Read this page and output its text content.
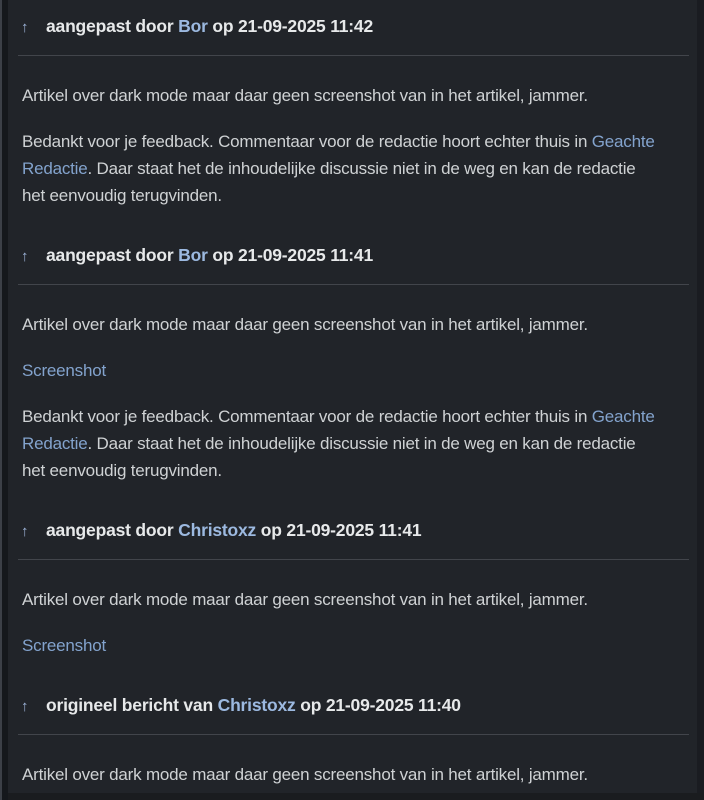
↑	aangepast door Bor op 21-09-2025 11:42

Artikel over dark mode maar daar geen screenshot van in het artikel, jammer.

Bedankt voor je feedback. Commentaar voor de redactie hoort echter thuis in Geachte Redactie. Daar staat het de inhoudelijke discussie niet in de weg en kan de redactie het eenvoudig terugvinden.

↑	aangepast door Bor op 21-09-2025 11:41

Artikel over dark mode maar daar geen screenshot van in het artikel, jammer.

Screenshot

Bedankt voor je feedback. Commentaar voor de redactie hoort echter thuis in Geachte Redactie. Daar staat het de inhoudelijke discussie niet in de weg en kan de redactie het eenvoudig terugvinden.

↑	aangepast door Christoxz op 21-09-2025 11:41

Artikel over dark mode maar daar geen screenshot van in het artikel, jammer.

Screenshot

↑	origineel bericht van Christoxz op 21-09-2025 11:40

Artikel over dark mode maar daar geen screenshot van in het artikel, jammer.
